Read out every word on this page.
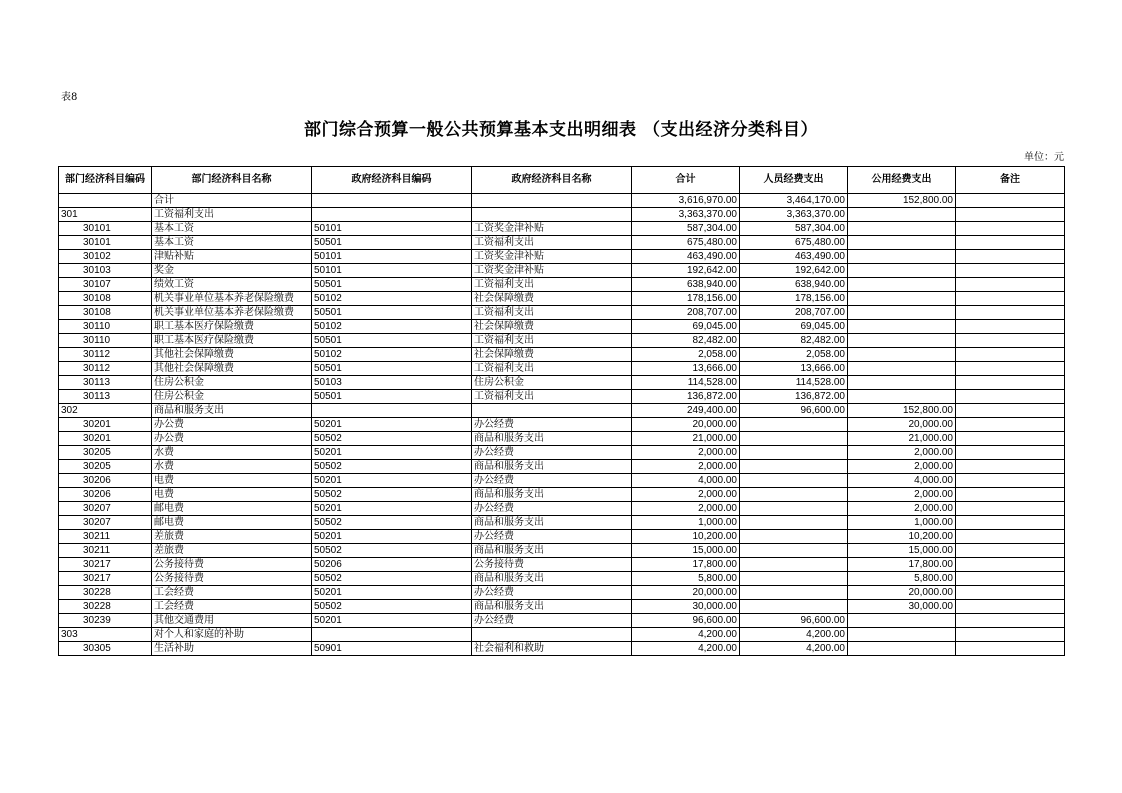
表8
部门综合预算一般公共预算基本支出明细表 （支出经济分类科目）
单位：元
部门经济科目编码	部门经济科目名称	政府经济科目编码	政府经济科目名称	合计	人员经费支出	公用经费支出	备注
	合计			3,616,970.00	3,464,170.00	152,800.00	
301	工资福利支出			3,363,370.00	3,363,370.00		
30101	基本工资	50101	工资奖金津补贴	587,304.00	587,304.00		
30101	基本工资	50501	工资福利支出	675,480.00	675,480.00		
30102	津贴补贴	50101	工资奖金津补贴	463,490.00	463,490.00		
30103	奖金	50101	工资奖金津补贴	192,642.00	192,642.00		
30107	绩效工资	50501	工资福利支出	638,940.00	638,940.00		
30108	机关事业单位基本养老保险缴费	50102	社会保障缴费	178,156.00	178,156.00		
30108	机关事业单位基本养老保险缴费	50501	工资福利支出	208,707.00	208,707.00		
30110	职工基本医疗保险缴费	50102	社会保障缴费	69,045.00	69,045.00		
30110	职工基本医疗保险缴费	50501	工资福利支出	82,482.00	82,482.00		
30112	其他社会保障缴费	50102	社会保障缴费	2,058.00	2,058.00		
30112	其他社会保障缴费	50501	工资福利支出	13,666.00	13,666.00		
30113	住房公积金	50103	住房公积金	114,528.00	114,528.00		
30113	住房公积金	50501	工资福利支出	136,872.00	136,872.00		
302	商品和服务支出			249,400.00	96,600.00	152,800.00	
30201	办公费	50201	办公经费	20,000.00		20,000.00	
30201	办公费	50502	商品和服务支出	21,000.00		21,000.00	
30205	水费	50201	办公经费	2,000.00		2,000.00	
30205	水费	50502	商品和服务支出	2,000.00		2,000.00	
30206	电费	50201	办公经费	4,000.00		4,000.00	
30206	电费	50502	商品和服务支出	2,000.00		2,000.00	
30207	邮电费	50201	办公经费	2,000.00		2,000.00	
30207	邮电费	50502	商品和服务支出	1,000.00		1,000.00	
30211	差旅费	50201	办公经费	10,200.00		10,200.00	
30211	差旅费	50502	商品和服务支出	15,000.00		15,000.00	
30217	公务接待费	50206	公务接待费	17,800.00		17,800.00	
30217	公务接待费	50502	商品和服务支出	5,800.00		5,800.00	
30228	工会经费	50201	办公经费	20,000.00		20,000.00	
30228	工会经费	50502	商品和服务支出	30,000.00		30,000.00	
30239	其他交通费用	50201	办公经费	96,600.00	96,600.00		
303	对个人和家庭的补助			4,200.00	4,200.00		
30305	生活补助	50901	社会福利和救助	4,200.00	4,200.00		
